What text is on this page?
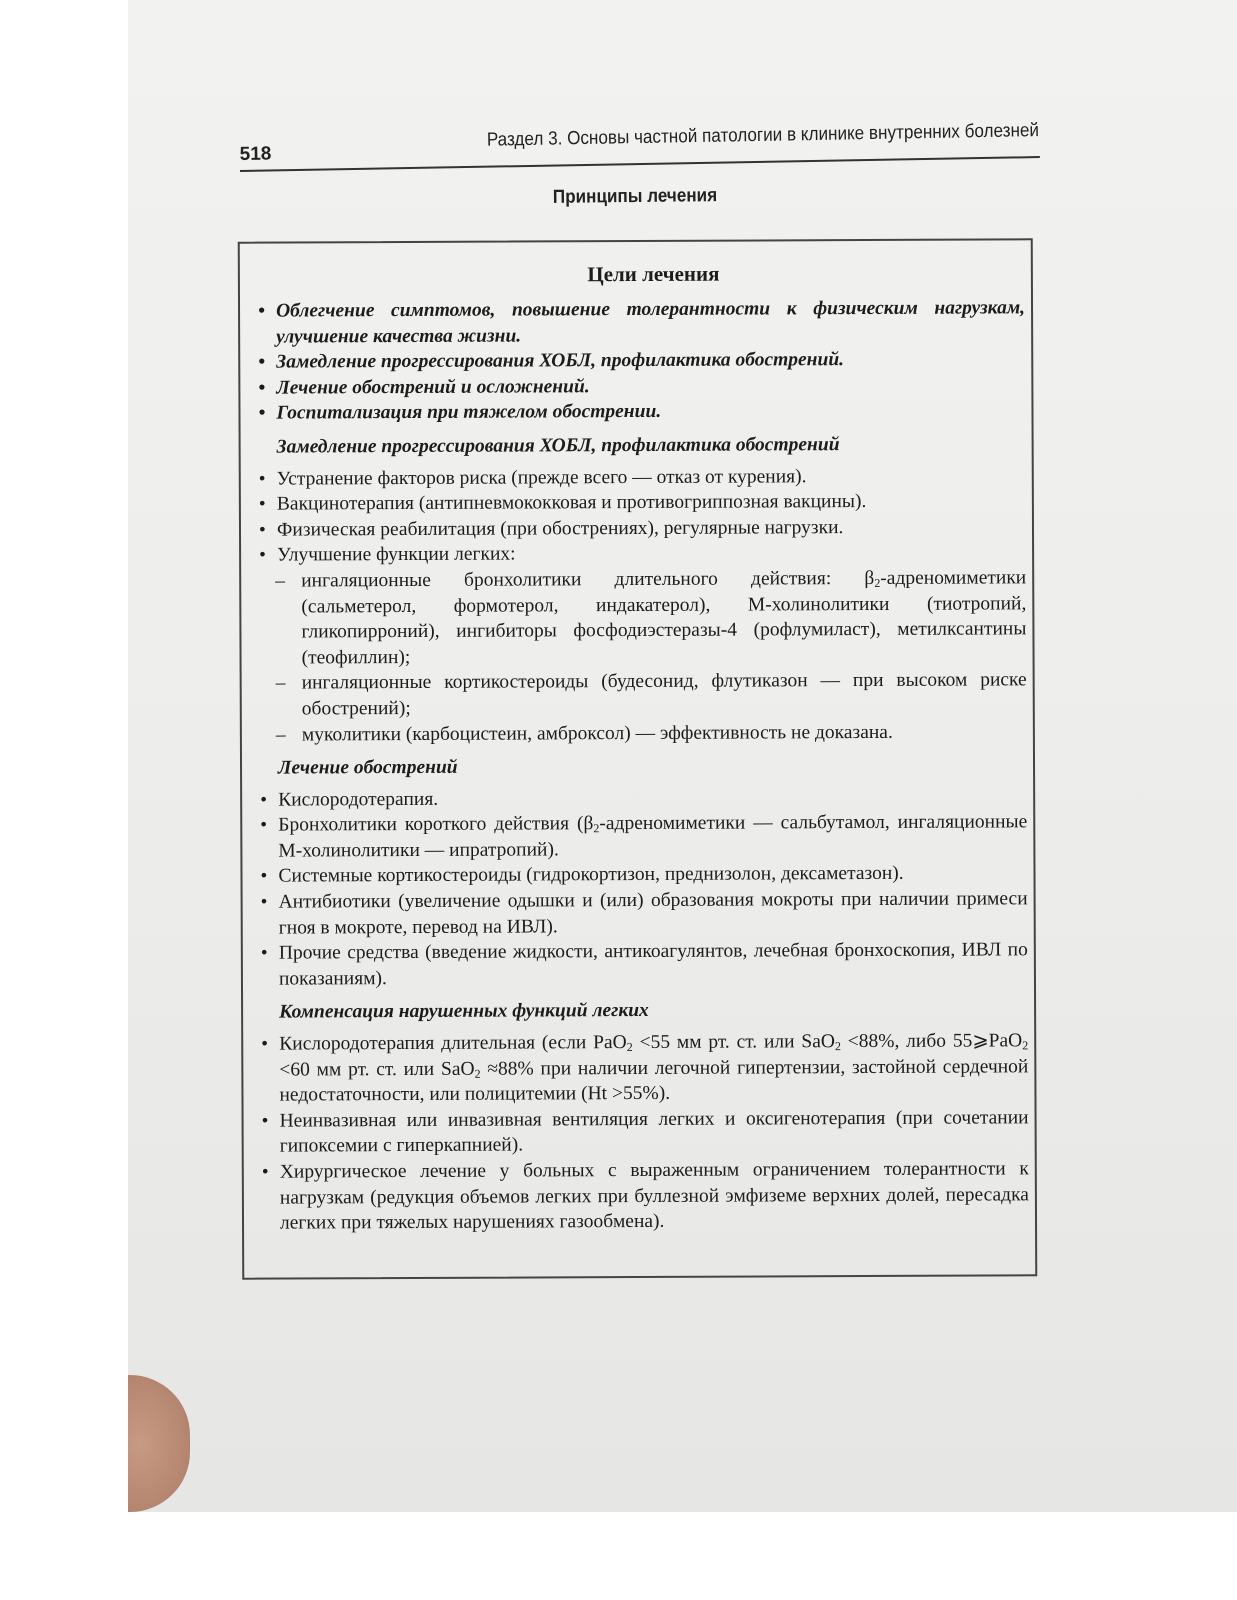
518
Раздел 3. Основы частной патологии в клинике внутренних болезней
Принципы лечения
Цели лечения
• Облегчение симптомов, повышение толерантности к физическим нагрузкам, улучшение качества жизни.
• Замедление прогрессирования ХОБЛ, профилактика обострений.
• Лечение обострений и осложнений.
• Госпитализация при тяжелом обострении.
Замедление прогрессирования ХОБЛ, профилактика обострений
• Устранение факторов риска (прежде всего — отказ от курения).
• Вакцинотерапия (антипневмококковая и противогриппозная вакцины).
• Физическая реабилитация (при обострениях), регулярные нагрузки.
• Улучшение функции легких:
– ингаляционные бронхолитики длительного действия: $\beta_2$-адреномиметики (сальметерол, формотерол, индакатерол), М-холинолитики (тиотропий, гликопирроний), ингибиторы фосфодиэстеразы-4 (рофлумиласт), метилксантины (теофиллин);
– ингаляционные кортикостероиды (будесонид, флутиказон — при высоком риске обострений);
– муколитики (карбоцистеин, амброксол) — эффективность не доказана.
Лечение обострений
• Кислородотерапия.
• Бронхолитики короткого действия ($\beta_2$-адреномиметики — сальбутамол, ингаляционные М-холинолитики — ипратропий).
• Системные кортикостероиды (гидрокортизон, преднизолон, дексаметазон).
• Антибиотики (увеличение одышки и (или) образования мокроты при наличии примеси гноя в мокроте, перевод на ИВЛ).
• Прочие средства (введение жидкости, антикоагулянтов, лечебная бронхоскопия, ИВЛ по показаниям).
Компенсация нарушенных функций легких
• Кислородотерапия длительная (если PaO$_2$ <55 мм рт. ст. или SaO$_2$ <88%, либо 55⩾PaO$_2$ <60 мм рт. ст. или SaO$_2$ ≈88% при наличии легочной гипертензии, застойной сердечной недостаточности, или полицитемии (Ht >55%).
• Неинвазивная или инвазивная вентиляция легких и оксигенотерапия (при сочетании гипоксемии с гиперкапнией).
• Хирургическое лечение у больных с выраженным ограничением толерантности к нагрузкам (редукция объемов легких при буллезной эмфиземе верхних долей, пересадка легких при тяжелых нарушениях газообмена).
